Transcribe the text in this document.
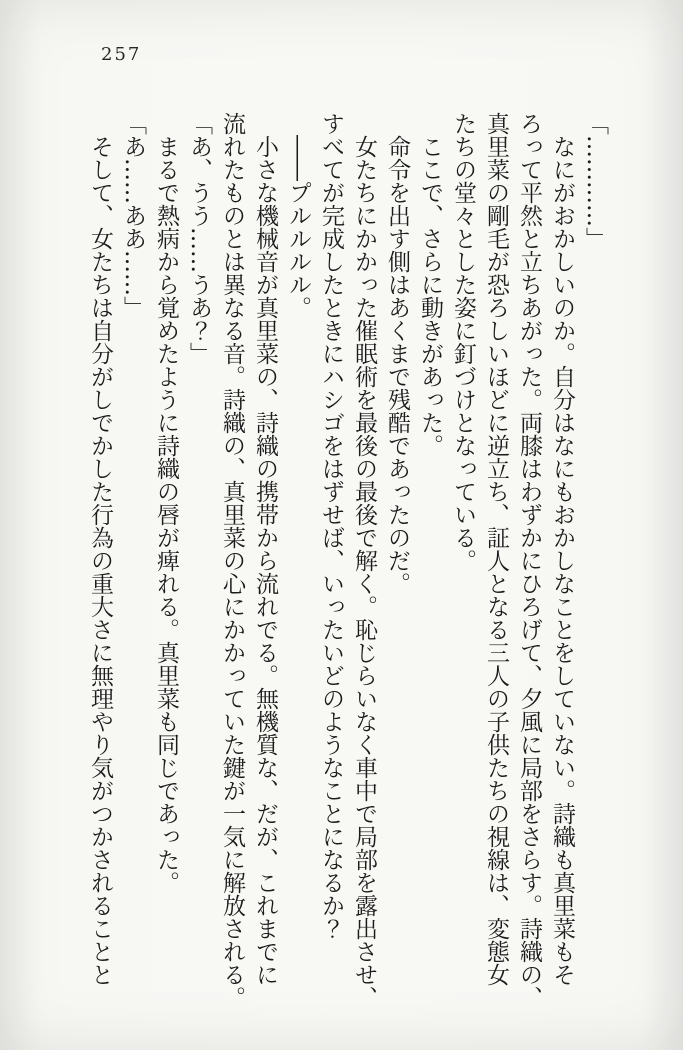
257

「…………」

　なにがおかしいのか。自分はなにもおかしなことをしていない。詩織も真里菜もそ

ろって平然と立ちあがった。両膝はわずかにひろげて、夕風に局部をさらす。詩織の、

真里菜の剛毛が恐ろしいほどに逆立ち、証人となる三人の子供たちの視線は、変態女

たちの堂々とした姿に釘づけとなっている。

　ここで、さらに動きがあった。

　命令を出す側はあくまで残酷であったのだ。

　女たちにかかった催眠術を最後の最後で解く。恥じらいなく車中で局部を露出させ、

すべてが完成したときにハシゴをはずせば、いったいどのようなことになるか？

　――プルルルル。

　小さな機械音が真里菜の、詩織の携帯から流れでる。無機質な、だが、これまでに

流れたものとは異なる音。詩織の、真里菜の心にかかっていた鍵が一気に解放される。

「あ、うう……うあ？」

　まるで熱病から覚めたように詩織の唇が痺れる。真里菜も同じであった。

「あ……ああ……」

　そして、女たちは自分がしでかした行為の重大さに無理やり気がつかされることと
